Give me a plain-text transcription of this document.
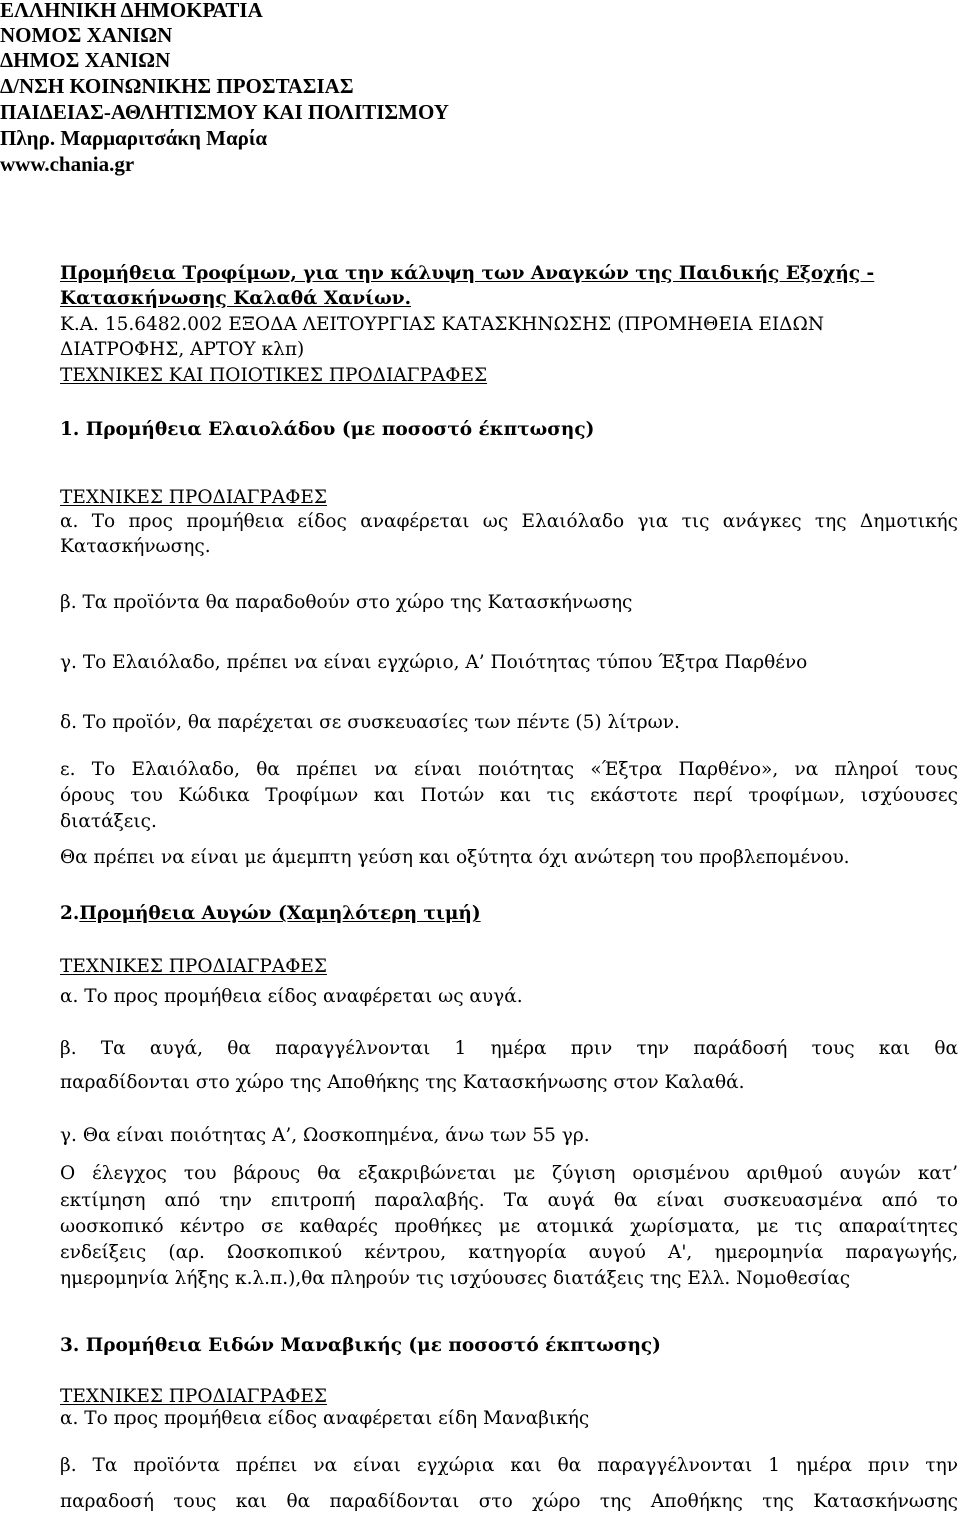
ΕΛΛΗΝΙΚΗ ΔΗΜΟΚΡΑΤΙΑ
ΝΟΜΟΣ ΧΑΝΙΩΝ
ΔΗΜΟΣ ΧΑΝΙΩΝ
Δ/ΝΣΗ ΚΟΙΝΩΝΙΚΗΣ ΠΡΟΣΤΑΣΙΑΣ
ΠΑΙΔΕΙΑΣ-ΑΘΛΗΤΙΣΜΟΥ ΚΑΙ ΠΟΛΙΤΙΣΜΟΥ
Πληρ. Μαρμαριτσάκη Μαρία
www.chania.gr
Προμήθεια Τροφίμων, για την κάλυψη των Αναγκών της Παιδικής Εξοχής -
Κατασκήνωσης Καλαθά Χανίων.
Κ.Α. 15.6482.002 ΕΞΟΔΑ ΛΕΙΤΟΥΡΓΙΑΣ ΚΑΤΑΣΚΗΝΩΣΗΣ (ΠΡΟΜΗΘΕΙΑ ΕΙΔΩΝ
ΔΙΑΤΡΟΦΗΣ, ΑΡΤΟΥ κλπ)
ΤΕΧΝΙΚΕΣ ΚΑΙ ΠΟΙΟΤΙΚΕΣ ΠΡΟΔΙΑΓΡΑΦΕΣ
1. Προμήθεια Ελαιολάδου (με ποσοστό έκπτωσης)
ΤΕΧΝΙΚΕΣ ΠΡΟΔΙΑΓΡΑΦΕΣ
α. Το προς προμήθεια είδος αναφέρεται ως Ελαιόλαδο για τις ανάγκες της Δημοτικής
Κατασκήνωσης.
β. Τα προϊόντα θα παραδοθούν στο χώρο της Κατασκήνωσης
γ. Το Ελαιόλαδο, πρέπει να είναι εγχώριο, Α’ Ποιότητας τύπου Έξτρα Παρθένο
δ. Το προϊόν, θα παρέχεται σε συσκευασίες των πέντε (5) λίτρων.
ε. Το Ελαιόλαδο, θα πρέπει να είναι ποιότητας «Έξτρα Παρθένο», να πληροί τους
όρους του Κώδικα Τροφίμων και Ποτών και τις εκάστοτε περί τροφίμων, ισχύουσες
διατάξεις.
Θα πρέπει να είναι με άμεμπτη γεύση και οξύτητα όχι ανώτερη του προβλεπομένου.
2.Προμήθεια Αυγών (Χαμηλότερη τιμή)
ΤΕΧΝΙΚΕΣ ΠΡΟΔΙΑΓΡΑΦΕΣ
α. Το προς προμήθεια είδος αναφέρεται ως αυγά.
β. Τα αυγά, θα παραγγέλνονται 1 ημέρα πριν την παράδοσή τους και θα
παραδίδονται στο χώρο της Αποθήκης της Κατασκήνωσης στον Καλαθά.
γ. Θα είναι ποιότητας Α’, Ωοσκοπημένα, άνω των 55 γρ.
Ο έλεγχος του βάρους θα εξακριβώνεται με ζύγιση ορισμένου αριθμού αυγών κατ’
εκτίμηση από την επιτροπή παραλαβής. Τα αυγά θα είναι συσκευασμένα από το
ωοσκοπικό κέντρο σε καθαρές προθήκες με ατομικά χωρίσματα, με τις απαραίτητες
ενδείξεις (αρ. Ωοσκοπικού κέντρου, κατηγορία αυγού Α', ημερομηνία παραγωγής,
ημερομηνία λήξης κ.λ.π.),θα πληρούν τις ισχύουσες διατάξεις της Ελλ. Νομοθεσίας
3. Προμήθεια Ειδών Μαναβικής (με ποσοστό έκπτωσης)
ΤΕΧΝΙΚΕΣ ΠΡΟΔΙΑΓΡΑΦΕΣ
α. Το προς προμήθεια είδος αναφέρεται είδη Μαναβικής
β. Τα προϊόντα πρέπει να είναι εγχώρια και θα παραγγέλνονται 1 ημέρα πριν την
παραδοσή τους και θα παραδίδονται στο χώρο της Αποθήκης της Κατασκήνωσης
